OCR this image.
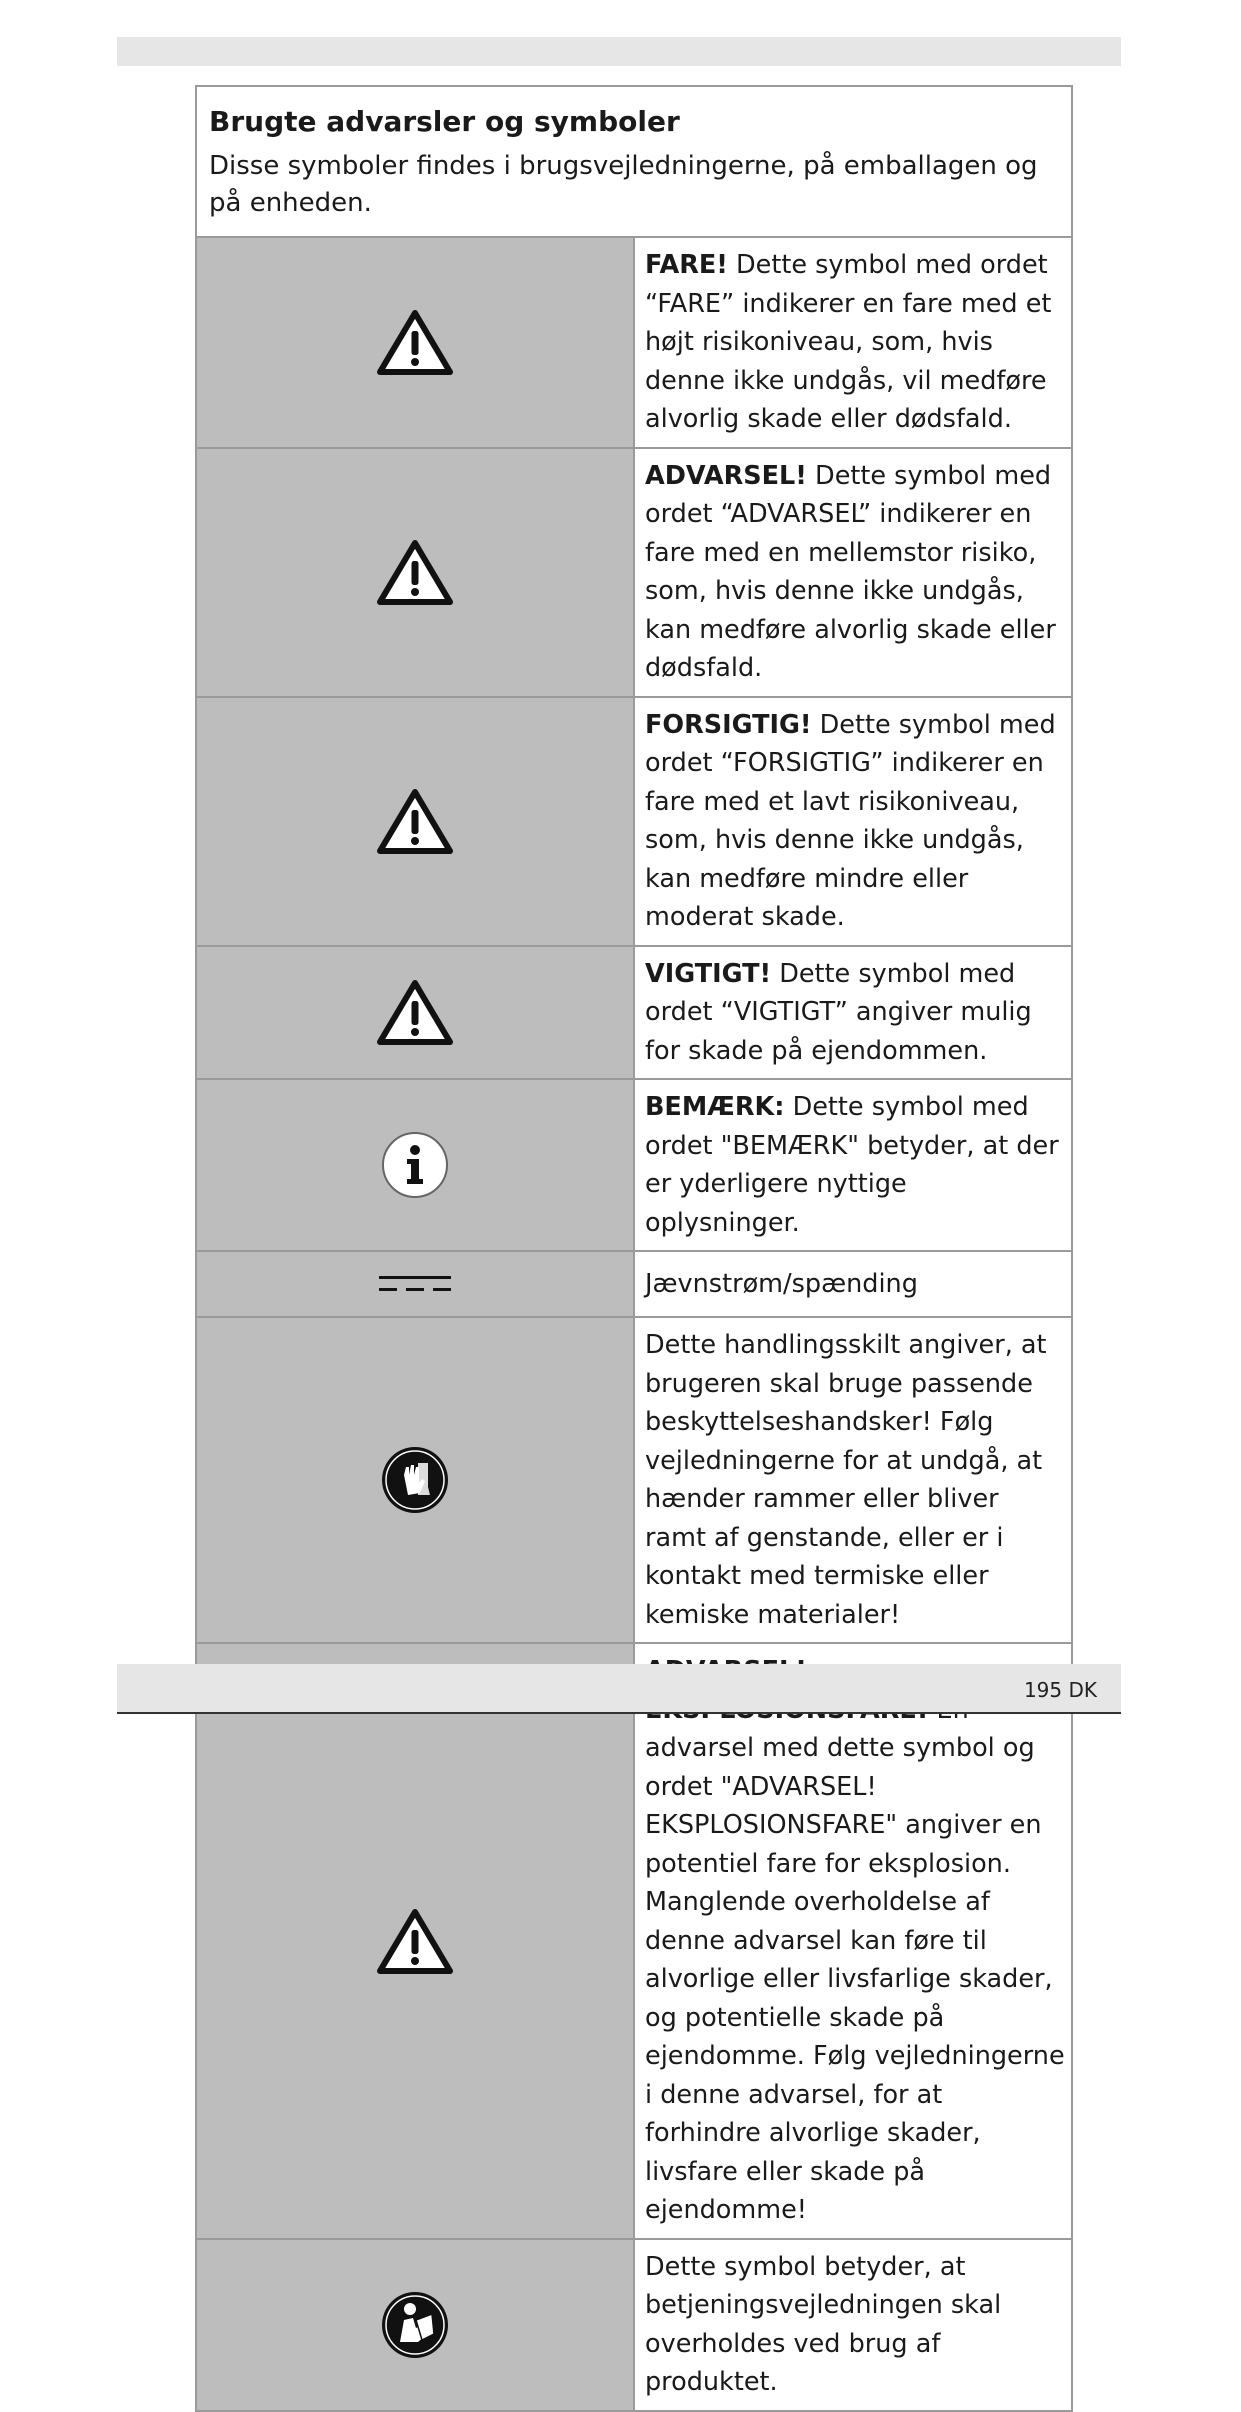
Brugte advarsler og symboler
Disse symboler findes i brugsvejledningerne, på emballagen og på enheden.	

	FARE! Dette symbol med ordet “FARE” indikerer en fare med et højt risikoniveau, som, hvis denne ikke undgås, vil medføre alvorlig skade eller dødsfald.
	ADVARSEL! Dette symbol med ordet “ADVARSEL” indikerer en fare med en mellemstor risiko, som, hvis denne ikke undgås, kan medføre alvorlig skade eller dødsfald.
	FORSIGTIG! Dette symbol med ordet “FORSIGTIG” indikerer en fare med et lavt risikoniveau, som, hvis denne ikke undgås, kan medføre mindre eller moderat skade.
	VIGTIGT! Dette symbol med ordet “VIGTIGT” angiver mulig for skade på ejendommen.
	BEMÆRK: Dette symbol med ordet "BEMÆRK" betyder, at der er yderligere nyttige oplysninger.
	Jævnstrøm/spænding
	Dette handlingsskilt angiver, at brugeren skal bruge passende beskyttelseshandsker! Følg vejledningerne for at undgå, at hænder rammer eller bliver ramt af genstande, eller er i kontakt med termiske eller kemiske materialer!
	advarsel med dette symbol og ordet "ADVARSEL! EKSPLOSIONSFARE" angiver en potentiel fare for eksplosion. Manglende overholdelse af denne advarsel kan føre til alvorlige eller livsfarlige skader, og potentielle skade på ejendomme. Følg vejledningerne i denne advarsel, for at forhindre alvorlige skader, livsfare eller skade på ejendomme!
	Dette symbol betyder, at betjeningsvejledningen skal overholdes ved brug af produktet.
195 DK
